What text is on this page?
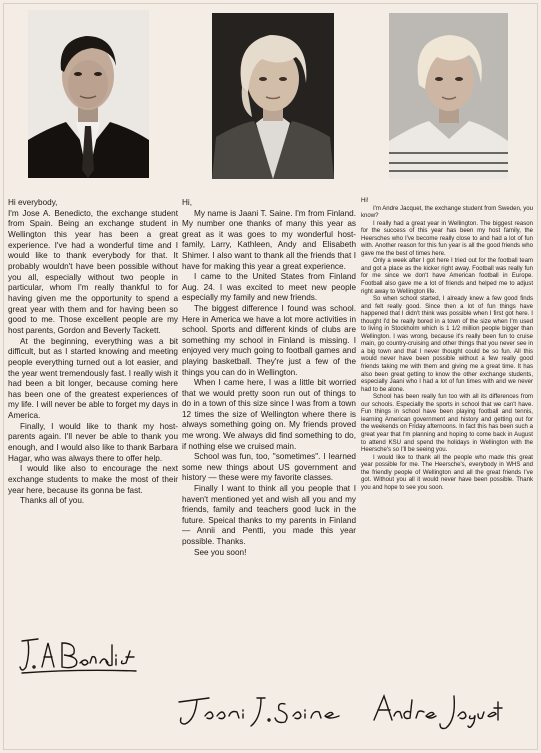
Hi everybody,

I'm Jose A. Benedicto, the exchange student from Spain. Being an exchange student in Wellington this year has been a great experience. I've had a wonderful time and I would like to thank everybody for that. It probably wouldn't have been possible without you all, especially without two people in particular, whom I'm really thankful to for having given me the opportunity to spend a great year with them and for having been so good to me. Those excellent people are my host parents, Gordon and Beverly Tackett.

At the beginning, everything was a bit difficult, but as I started knowing and meeting people everything turned out a lot easier, and the year went tremendously fast. I really wish it had been a bit longer, because coming here has been one of the greatest experiences of my life. I will never be able to forget my days in America.

Finally, I would like to thank my host-parents again. I'll never be able to thank you enough, and I would also like to thank Barbara Hagar, who was always there to offer help.

I would like also to encourage the next exchange students to make the most of their year here, because its gonna be fast.

Thanks all of you.

Hi,

My name is Jaani T. Saine. I'm from Finland. My number one thanks of many this year as great as it was goes to my wonderful host-family, Larry, Kathleen, Andy and Elisabeth Shimer. I also want to thank all the friends that I have for making this year a great experience.

I came to the United States from Finland Aug. 24. I was excited to meet new people especially my family and new friends.

The biggest difference I found was school. Here in America we have a lot more activities in school. Sports and different kinds of clubs are something my school in Finland is missing. I enjoyed very much going to football games and playing basketball. They're just a few of the things you can do in Wellington.

When I came here, I was a little bit worried that we would pretty soon run out of things to do in a town of this size since I was from a town 12 times the size of Wellington where there is always something going on. My friends proved me wrong. We always did find something to do, if nothing else we cruised main.

School was fun, too, "sometimes". I learned some new things about US government and history — these were my favorite classes.

Finally I want to think all you people that I haven't mentioned yet and wish all you and my friends, family and teachers good luck in the future. Speical thanks to my parents in Finland — Annii and Pentti, you made this year possible. Thanks.

See you soon!

Hi!

I'm Andre Jacquet, the exchange student from Sweden, you know?

I really had a great year in Wellington. The biggest reason for the success of this year has been my host family, the Heersches who I've become really close to and had a lot of fun with. Another reason for this fun year is all the good friends who gave me the best of times here.

Only a week after I got here I tried out for the football team and got a place as the kicker right away. Football was really fun for me since we don't have American football in Europe. Football also gave me a lot of friends and helped me to adjust right away to Wellington life.

So when school started, I already knew a few good finds and felt really good. Since then a lot of fun things have happened that I didn't think was possible when I first got here. I thought I'd be really bored in a town of the size when I'm used to living in Stockholm which is 1 1/2 million people bigger than Wellington. I was wrong, because it's really been fun to cruise main, go country-cruising and other things that you never see in a big town and that I never thought could be so fun. All this would never have been possible without a few really good friends taking me with them and giving me a great time. It has also been great getting to know the other exchange students, especially Jaani who I had a lot of fun times with and we never had to be alone.

School has been really fun too with all its differences from our schools. Especially the sports in school that we can't have. Fun things in school have been playing football and tennis, learning American government and history and getting out for the weekends on Friday afternoons. In fact this has been such a great year that I'm planning and hoping to come back in August to attend KSU and spend the holidays in Wellington with the Heersche's so I'll be seeing you.

I would like to thank all the people who made this great year possible for me. The Heersche's, everybody in WHS and the friendly people of Wellington and all the great friends I've got. Without you all it would never have been possible. Thank you and hope to see you soon.
